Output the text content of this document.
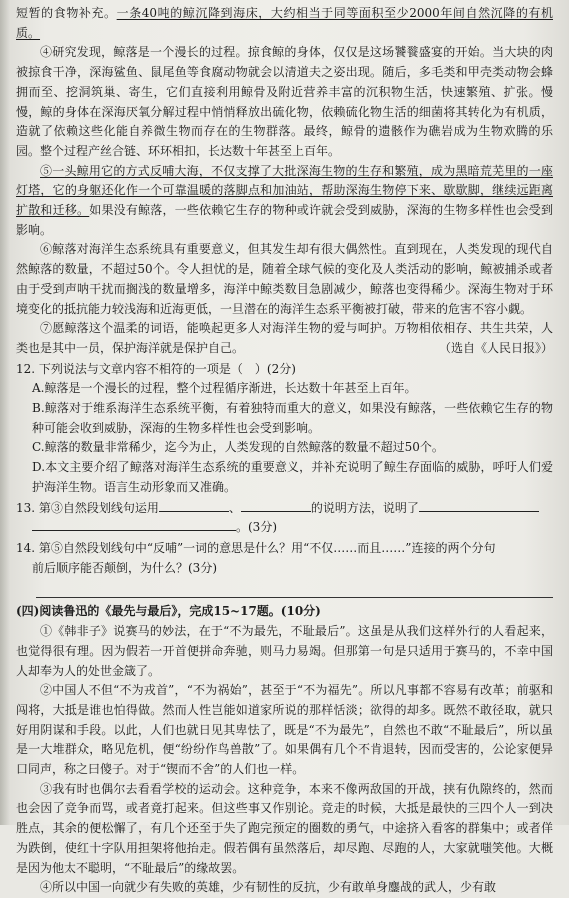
短暂的食物补充。一条40吨的鲸沉降到海床，大约相当于同等面积至少2000年间自然沉降的有机质。

④研究发现，鲸落是一个漫长的过程。掠食鲸的身体，仅仅是这场饕餮盛宴的开始。当大块的肉被掠食干净，深海鲨鱼、鼠尾鱼等食腐动物就会以清道夫之姿出现。随后，多毛类和甲壳类动物会蜂拥而至、挖洞筑巢、寄生，它们直接利用鲸骨及附近营养丰富的沉积物生活，快速繁殖、扩张。慢慢，鲸的身体在深海厌氧分解过程中悄悄释放出硫化物，依赖硫化物生活的细菌将其转化为有机质，造就了依赖这些化能自养微生物而存在的生物群落。最终，鲸骨的遗骸作为礁岩成为生物欢腾的乐园。整个过程产丝合链、环环相扣，长达数十年甚至上百年。

⑤一头鲸用它的方式反哺大海，不仅支撑了大批深海生物的生存和繁殖，成为黑暗荒芜里的一座灯塔，它的身躯还化作一个可靠温暖的落脚点和加油站，帮助深海生物停下来、歇歇脚，继续远距离扩散和迁移。如果没有鲸落，一些依赖它生存的物种或许就会受到威胁，深海的生物多样性也会受到影响。

⑥鲸落对海洋生态系统具有重要意义，但其发生却有很大偶然性。直到现在，人类发现的现代自然鲸落的数量，不超过50个。令人担忧的是，随着全球气候的变化及人类活动的影响，鲸被捕杀或者由于受到声呐干扰而搁浅的数量增多，海洋中鲸类数目急剧减少，鲸落也变得稀少。深海生物对于环境变化的抵抗能力较浅海和近海更低，一旦潜在的海洋生态系平衡被打破，带来的危害不容小觑。

⑦愿鲸落这个温柔的词语，能唤起更多人对海洋生物的爱与呵护。万物相依相存、共生共荣，人类也是其中一员，保护海洋就是保护自己。	（选自《人民日报》）

12. 下列说法与文章内容不相符的一项是（　）(2分)

A.鲸落是一个漫长的过程，整个过程循序渐进，长达数十年甚至上百年。

B.鲸落对于维系海洋生态系统平衡，有着独特而重大的意义，如果没有鲸落，一些依赖它生存的物种可能会收到威胁，深海的生物多样性也会受到影响。

C.鲸落的数量非常稀少，迄今为止，人类发现的自然鲸落的数量不超过50个。

D.本文主要介绍了鲸落对海洋生态系统的重要意义，并补充说明了鲸生存面临的威胁，呼吁人们爱护海洋生物。语言生动形象而又准确。

13. 第③自然段划线句运用	、	的说明方法，说明了

。(3分)

14. 第⑤自然段划线句中“反哺”一词的意思是什么？用“不仅……而且……”连接的两个分句

前后顺序能否颠倒，为什么？(3分)

(四)阅读鲁迅的《最先与最后》，完成15~17题。(10分)

①《韩非子》说赛马的妙法，在于“不为最先，不耻最后”。这虽是从我们这样外行的人看起来，也觉得很有理。因为假若一开首便拼命奔驰，则马力易竭。但那第一句是只适用于赛马的，不幸中国人却奉为人的处世金箴了。

②中国人不但“不为戎首”，“不为祸始”，甚至于“不为福先”。所以凡事都不容易有改革；前驱和闯将，大抵是谁也怕得做。然而人性岂能如道家所说的那样恬淡；欲得的却多。既然不敢径取，就只好用阴谋和手段。以此，人们也就日见其卑怯了，既是“不为最先”，自然也不敢“不耻最后”，所以虽是一大堆群众，略见危机，便“纷纷作鸟兽散”了。如果偶有几个不肯退转，因而受害的，公论家便异口同声，称之曰傻子。对于“锲而不舍”的人们也一样。

③我有时也偶尔去看看学校的运动会。这种竞争，本来不像两敌国的开战，挟有仇隙终的，然而也会因了竞争而骂，或者竟打起来。但这些事又作别论。竞走的时候，大抵是最快的三四个人一到决胜点，其余的便松懈了，有几个还至于失了跑完预定的圈数的勇气，中途挤入看客的群集中；或者佯为跌倒，使红十字队用担架将他抬走。假若偶有虽然落后，却尽跑、尽跑的人，大家就嗤笑他。大概是因为他太不聪明，“不耻最后”的缘故罢。

④所以中国一向就少有失败的英雄，少有韧性的反抗，少有敢单身鏖战的武人，少有敢
